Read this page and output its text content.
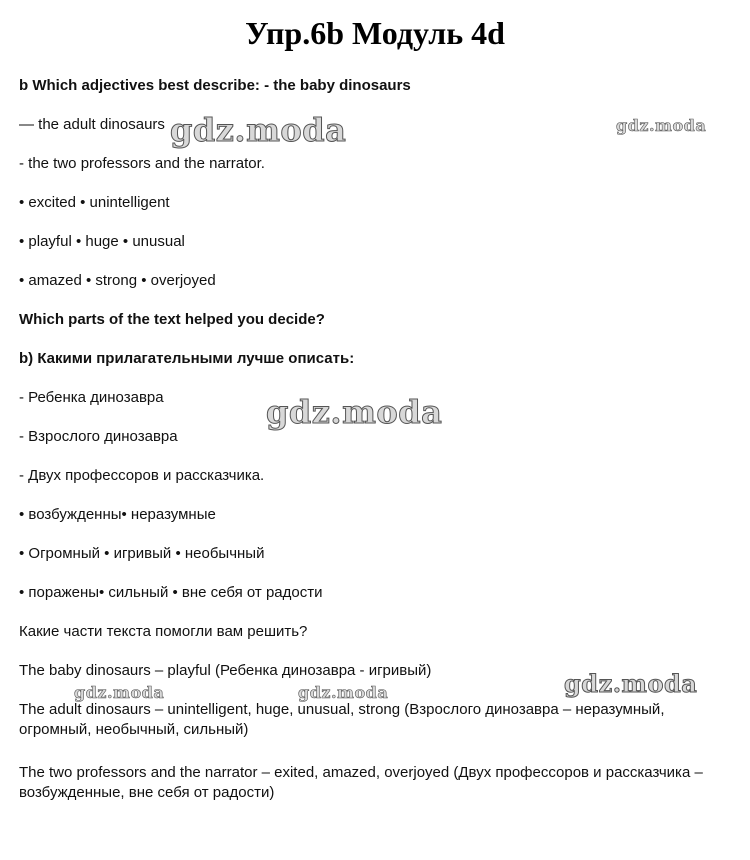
Упр.6b Модуль 4d
b Which adjectives best describe: - the baby dinosaurs
— the adult dinosaurs
- the two professors and the narrator.
• excited • unintelligent
• playful • huge • unusual
• amazed • strong • overjoyed
Which parts of the text helped you decide?
b) Какими прилагательными лучше описать:
- Ребенка динозавра
- Взрослого динозавра
- Двух профессоров и рассказчика.
• возбужденны• неразумные
• Огромный • игривый • необычный
• поражены• сильный • вне себя от радости
Какие части текста помогли вам решить?
The baby dinosaurs – playful (Ребенка динозавра - игривый)
The adult dinosaurs – unintelligent, huge, unusual, strong (Взрослого динозавра – неразумный, огромный, необычный, сильный)
The two professors and the narrator – exited, amazed, overjoyed (Двух профессоров и рассказчика – возбужденные, вне себя от радости)
gdz.moda	gdz.moda
gdz.moda
gdz.moda	gdz.moda	gdz.moda
